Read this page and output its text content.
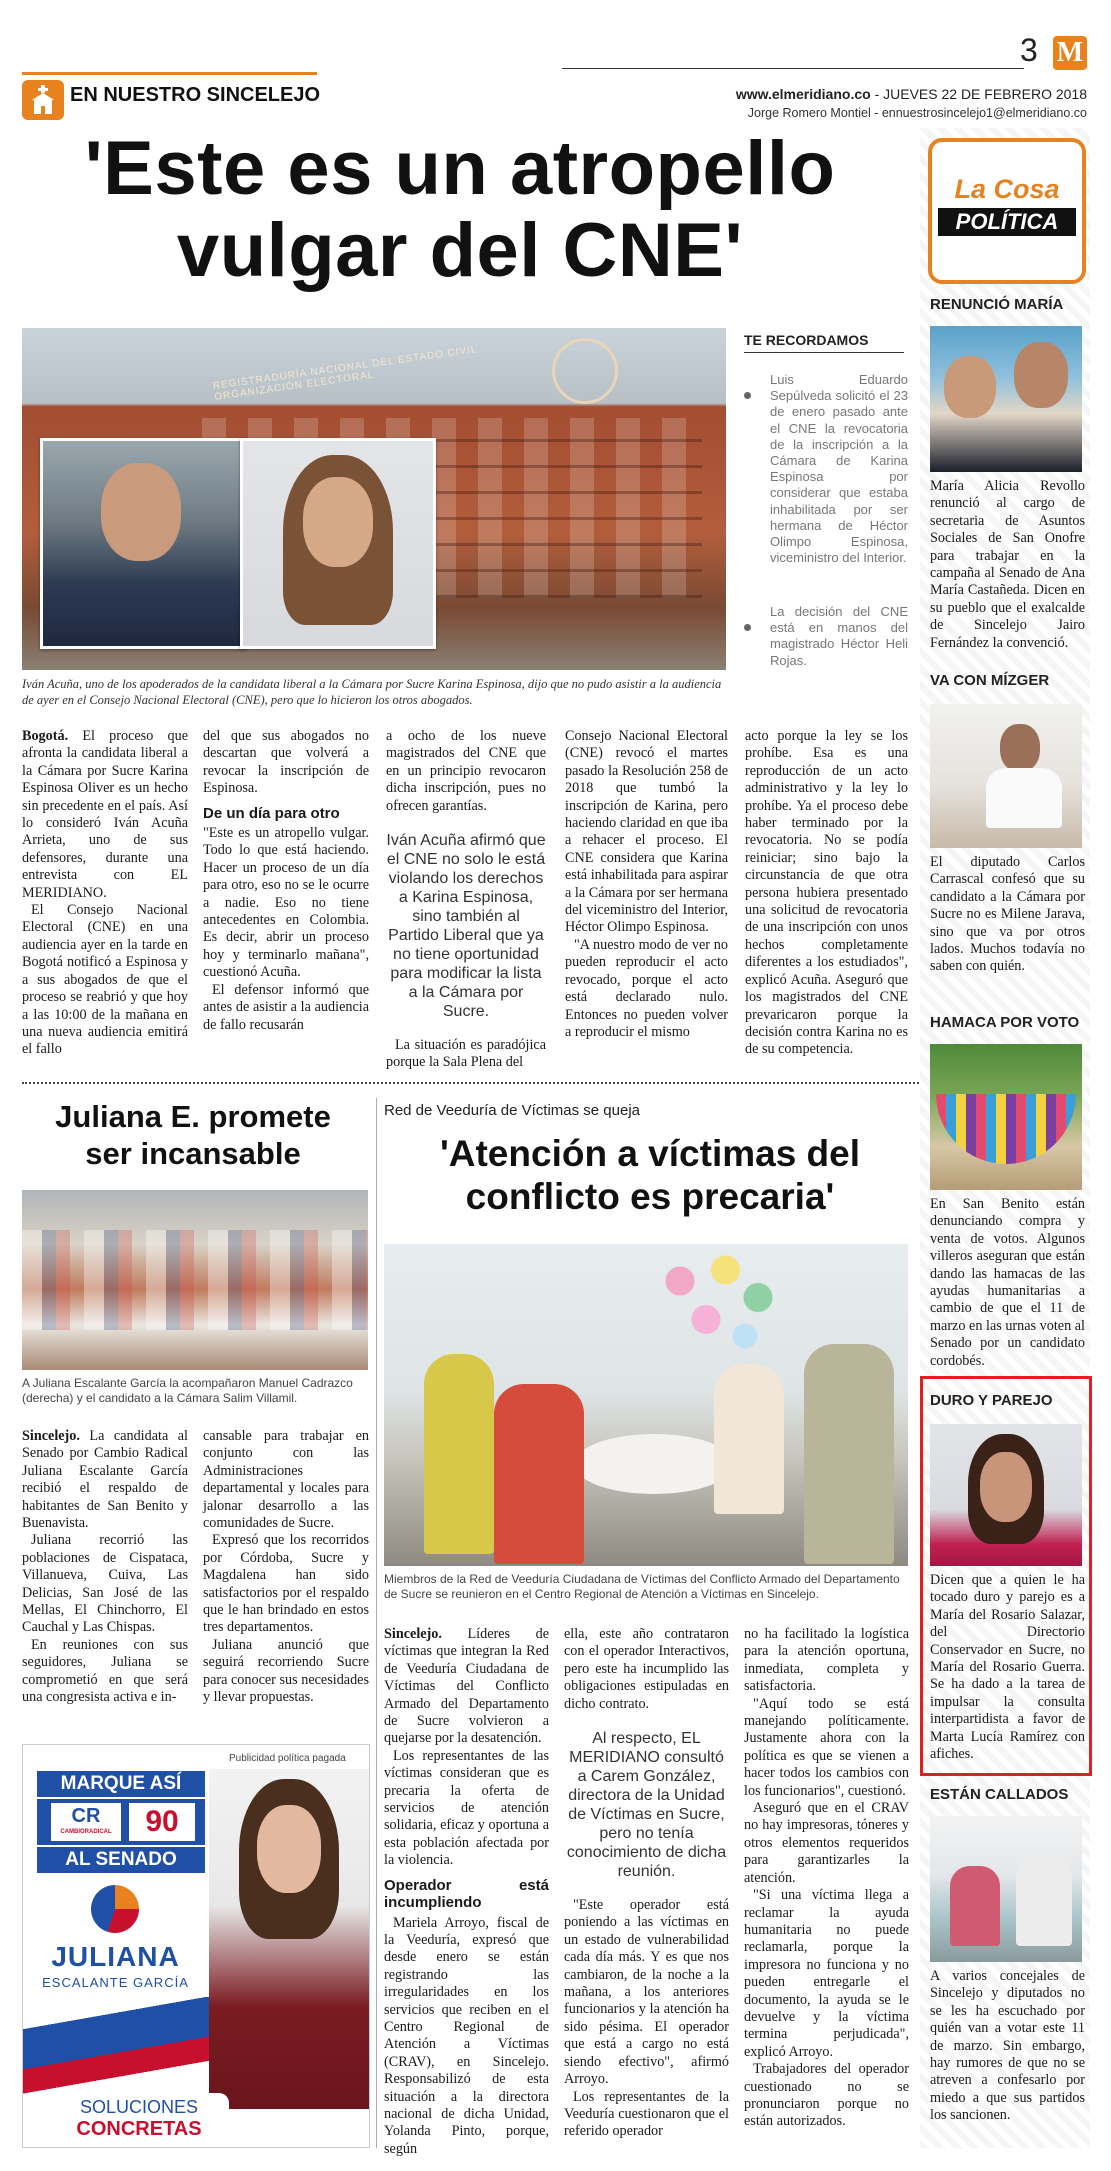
EN NUESTRO SINCELEJO
3 M
www.elmeridiano.co - JUEVES 22 DE FEBRERO 2018
Jorge Romero Montiel - ennuestrosincelejo1@elmeridiano.co
'Este es un atropello
vulgar del CNE'
REGISTRADURÍA NACIONAL DEL ESTADO CIVIL · ORGANIZACIÓN ELECTORAL
Iván Acuña, uno de los apoderados de la candidata liberal a la Cámara por Sucre Karina Espinosa, dijo que no pudo asistir a la audiencia de ayer en el Consejo Nacional Electoral (CNE), pero que lo hicieron los otros abogados.
TE RECORDAMOS
Luis Eduardo Sepúlveda solicitó el 23 de enero pasado ante el CNE la revocatoria de la inscripción a la Cámara de Karina Espinosa por considerar que estaba inhabilitada por ser hermana de Héctor Olimpo Espinosa, viceministro del Interior.
La decisión del CNE está en manos del magistrado Héctor Heli Rojas.

Bogotá. El proceso que afronta la candidata liberal a la Cámara por Sucre Karina Espinosa Oliver es un hecho sin precedente en el país. Así lo consideró Iván Acuña Arrieta, uno de sus defensores, durante una entrevista con EL MERIDIANO.

El Consejo Nacional Electoral (CNE) en una audiencia ayer en la tarde en Bogotá notificó a Espinosa y a sus abogados de que el proceso se reabrió y que hoy a las 10:00 de la mañana en una nueva audiencia emitirá el fallo

del que sus abogados no descartan que volverá a revocar la inscripción de Espinosa.

De un día para otro

"Este es un atropello vulgar. Todo lo que está haciendo. Hacer un proceso de un día para otro, eso no se le ocurre a nadie. Eso no tiene antecedentes en Colombia. Es decir, abrir un proceso hoy y terminarlo mañana", cuestionó Acuña.

El defensor informó que antes de asistir a la audiencia de fallo recusarán

a ocho de los nueve magistrados del CNE que en un principio revocaron dicha inscripción, pues no ofrecen garantías.

Iván Acuña afirmó que el CNE no solo le está violando los derechos a Karina Espinosa, sino también al Partido Liberal que ya no tiene oportunidad para modificar la lista a la Cámara por Sucre.

La situación es paradójica porque la Sala Plena del

Consejo Nacional Electoral (CNE) revocó el martes pasado la Resolución 258 de 2018 que tumbó la inscripción de Karina, pero haciendo claridad en que iba a rehacer el proceso. El CNE considera que Karina está inhabilitada para aspirar a la Cámara por ser hermana del viceministro del Interior, Héctor Olimpo Espinosa.

"A nuestro modo de ver no pueden reproducir el acto revocado, porque el acto está declarado nulo. Entonces no pueden volver a reproducir el mismo

acto porque la ley se los prohíbe. Esa es una reproducción de un acto administrativo y la ley lo prohíbe. Ya el proceso debe haber terminado por la revocatoria. No se podía reiniciar; sino bajo la circunstancia de que otra persona hubiera presentado una solicitud de revocatoria de una inscripción con unos hechos completamente diferentes a los estudiados", explicó Acuña. Aseguró que los magistrados del CNE prevaricaron porque la decisión contra Karina no es de su competencia.

Juliana E. promete
ser incansable
A Juliana Escalante García la acompañaron Manuel Cadrazco (derecha) y el candidato a la Cámara Salim Villamil.

Sincelejo. La candidata al Senado por Cambio Radical Juliana Escalante García recibió el respaldo de habitantes de San Benito y Buenavista.

Juliana recorrió las poblaciones de Cispataca, Villanueva, Cuiva, Las Delicias, San José de las Mellas, El Chinchorro, El Cauchal y Las Chispas.

En reuniones con sus seguidores, Juliana se comprometió en que será una congresista activa e in-

cansable para trabajar en conjunto con las Administraciones departamental y locales para jalonar desarrollo a las comunidades de Sucre.

Expresó que los recorridos por Córdoba, Sucre y Magdalena han sido satisfactorios por el respaldo que le han brindado en estos tres departamentos.

Juliana anunció que seguirá recorriendo Sucre para conocer sus necesidades y llevar propuestas.

Publicidad política pagada
MARQUE ASÍ
CR
CAMBIORADICAL	90
AL SENADO
JULIANA
ESCALANTE GARCÍA
SOLUCIONES
CONCRETAS
Red de Veeduría de Víctimas se queja
'Atención a víctimas del
conflicto es precaria'
Miembros de la Red de Veeduría Ciudadana de Víctimas del Conflicto Armado del Departamento de Sucre se reunieron en el Centro Regional de Atención a Víctimas en Sincelejo.

Sincelejo. Líderes de víctimas que integran la Red de Veeduría Ciudadana de Víctimas del Conflicto Armado del Departamento de Sucre volvieron a quejarse por la desatención.

Los representantes de las víctimas consideran que es precaria la oferta de servicios de atención solidaria, eficaz y oportuna a esta población afectada por la violencia.

Operador está incumpliendo

Mariela Arroyo, fiscal de la Veeduría, expresó que desde enero se están registrando las irregularidades en los servicios que reciben en el Centro Regional de Atención a Víctimas (CRAV), en Sincelejo. Responsabilizó de esta situación a la directora nacional de dicha Unidad, Yolanda Pinto, porque, según

ella, este año contrataron con el operador Interactivos, pero este ha incumplido las obligaciones estipuladas en dicho contrato.

Al respecto, EL MERIDIANO consultó a Carem González, directora de la Unidad de Víctimas en Sucre, pero no tenía conocimiento de dicha reunión.

"Este operador está poniendo a las víctimas en un estado de vulnerabilidad cada día más. Y es que nos cambiaron, de la noche a la mañana, a los anteriores funcionarios y la atención ha sido pésima. El operador que está a cargo no está siendo efectivo", afirmó Arroyo.

Los representantes de la Veeduría cuestionaron que el referido operador

no ha facilitado la logística para la atención oportuna, inmediata, completa y satisfactoria.

"Aquí todo se está manejando políticamente. Justamente ahora con la política es que se vienen a hacer todos los cambios con los funcionarios", cuestionó.

Aseguró que en el CRAV no hay impresoras, tóneres y otros elementos requeridos para garantizarles la atención.

"Si una víctima llega a reclamar la ayuda humanitaria no puede reclamarla, porque la impresora no funciona y no pueden entregarle el documento, la ayuda se le devuelve y la víctima termina perjudicada", explicó Arroyo.

Trabajadores del operador cuestionado no se pronunciaron porque no están autorizados.

La Cosa
POLÍTICA
RENUNCIÓ MARÍA
María Alicia Revollo renunció al cargo de secretaria de Asuntos Sociales de San Onofre para trabajar en la campaña al Senado de Ana María Castañeda. Dicen en su pueblo que el exalcalde de Sincelejo Jairo Fernández la convenció.
VA CON MÍZGER
El diputado Carlos Carrascal confesó que su candidato a la Cámara por Sucre no es Milene Jarava, sino que va por otros lados. Muchos todavía no saben con quién.
HAMACA POR VOTO
En San Benito están denunciando compra y venta de votos. Algunos villeros aseguran que están dando las hamacas de las ayudas humanitarias a cambio de que el 11 de marzo en las urnas voten al Senado por un candidato cordobés.
DURO Y PAREJO
Dicen que a quien le ha tocado duro y parejo es a María del Rosario Salazar, del Directorio Conservador en Sucre, no María del Rosario Guerra. Se ha dado a la tarea de impulsar la consulta interpartidista a favor de Marta Lucía Ramírez con afiches.
ESTÁN CALLADOS
A varios concejales de Sincelejo y diputados no se les ha escuchado por quién van a votar este 11 de marzo. Sin embargo, hay rumores de que no se atreven a confesarlo por miedo a que sus partidos los sancionen.
